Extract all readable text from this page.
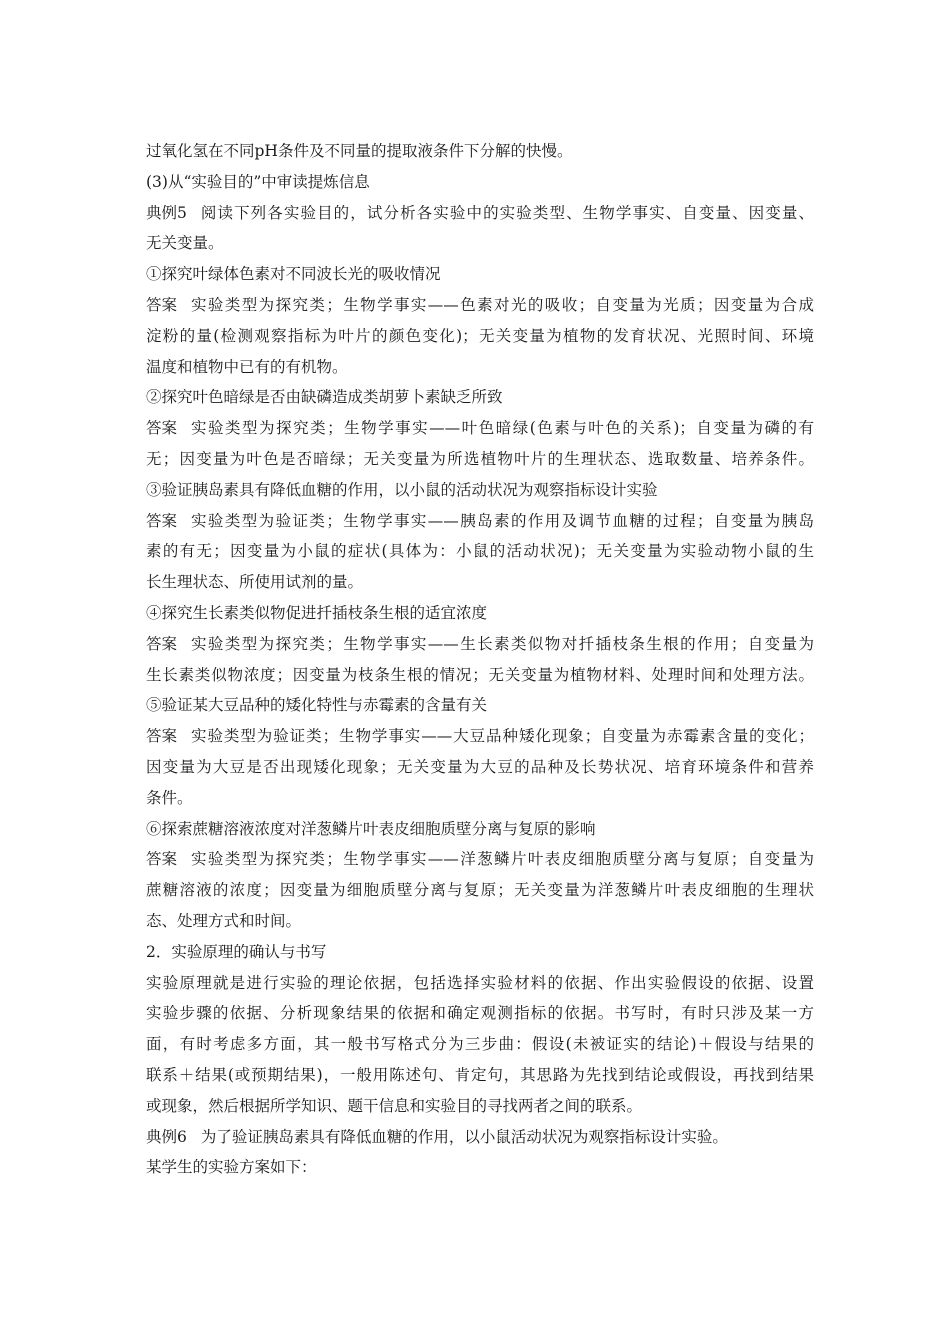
过氧化氢在不同pH条件及不同量的提取液条件下分解的快慢。
(3)从“实验目的”中审读提炼信息
典例5 阅读下列各实验目的，试分析各实验中的实验类型、生物学事实、自变量、因变量、
无关变量。
①探究叶绿体色素对不同波长光的吸收情况
答案 实验类型为探究类；生物学事实——色素对光的吸收；自变量为光质；因变量为合成
淀粉的量(检测观察指标为叶片的颜色变化)；无关变量为植物的发育状况、光照时间、环境
温度和植物中已有的有机物。
②探究叶色暗绿是否由缺磷造成类胡萝卜素缺乏所致
答案 实验类型为探究类；生物学事实——叶色暗绿(色素与叶色的关系)；自变量为磷的有
无；因变量为叶色是否暗绿；无关变量为所选植物叶片的生理状态、选取数量、培养条件。
③验证胰岛素具有降低血糖的作用，以小鼠的活动状况为观察指标设计实验
答案 实验类型为验证类；生物学事实——胰岛素的作用及调节血糖的过程；自变量为胰岛
素的有无；因变量为小鼠的症状(具体为：小鼠的活动状况)；无关变量为实验动物小鼠的生
长生理状态、所使用试剂的量。
④探究生长素类似物促进扦插枝条生根的适宜浓度
答案 实验类型为探究类；生物学事实——生长素类似物对扦插枝条生根的作用；自变量为
生长素类似物浓度；因变量为枝条生根的情况；无关变量为植物材料、处理时间和处理方法。
⑤验证某大豆品种的矮化特性与赤霉素的含量有关
答案 实验类型为验证类；生物学事实——大豆品种矮化现象；自变量为赤霉素含量的变化；
因变量为大豆是否出现矮化现象；无关变量为大豆的品种及长势状况、培育环境条件和营养
条件。
⑥探索蔗糖溶液浓度对洋葱鳞片叶表皮细胞质壁分离与复原的影响
答案 实验类型为探究类；生物学事实——洋葱鳞片叶表皮细胞质壁分离与复原；自变量为
蔗糖溶液的浓度；因变量为细胞质壁分离与复原；无关变量为洋葱鳞片叶表皮细胞的生理状
态、处理方式和时间。
2．实验原理的确认与书写
实验原理就是进行实验的理论依据，包括选择实验材料的依据、作出实验假设的依据、设置
实验步骤的依据、分析现象结果的依据和确定观测指标的依据。书写时，有时只涉及某一方
面，有时考虑多方面，其一般书写格式分为三步曲：假设(未被证实的结论)＋假设与结果的
联系＋结果(或预期结果)，一般用陈述句、肯定句，其思路为先找到结论或假设，再找到结果
或现象，然后根据所学知识、题干信息和实验目的寻找两者之间的联系。
典例6 为了验证胰岛素具有降低血糖的作用，以小鼠活动状况为观察指标设计实验。
某学生的实验方案如下：
